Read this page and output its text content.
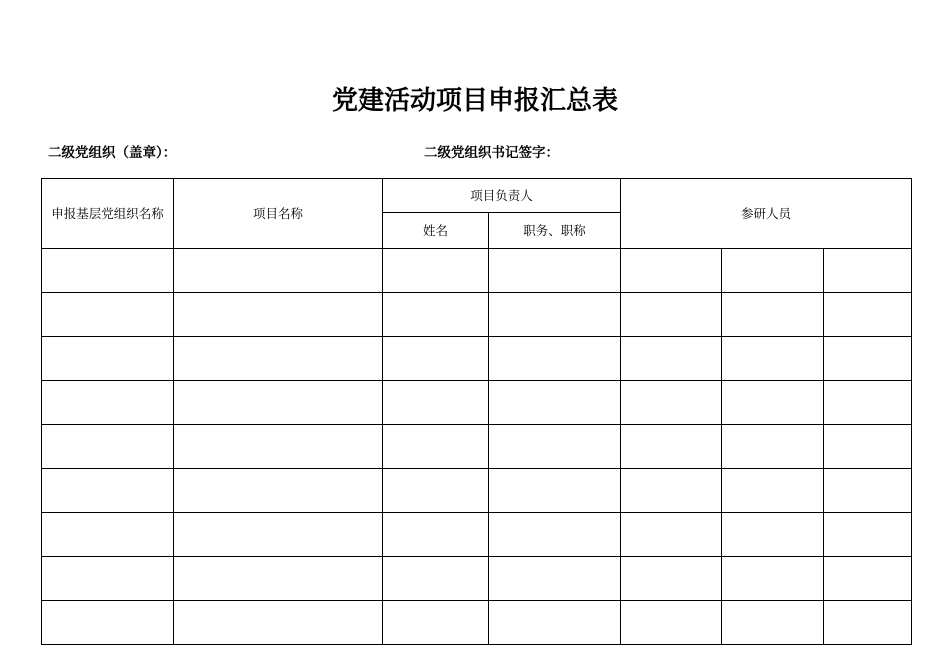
党建活动项目申报汇总表
二级党组织（盖章）：	二级党组织书记签字：
申报基层党组织名称	项目名称	项目负责人		参研人员		
		姓名	职务、职称			
